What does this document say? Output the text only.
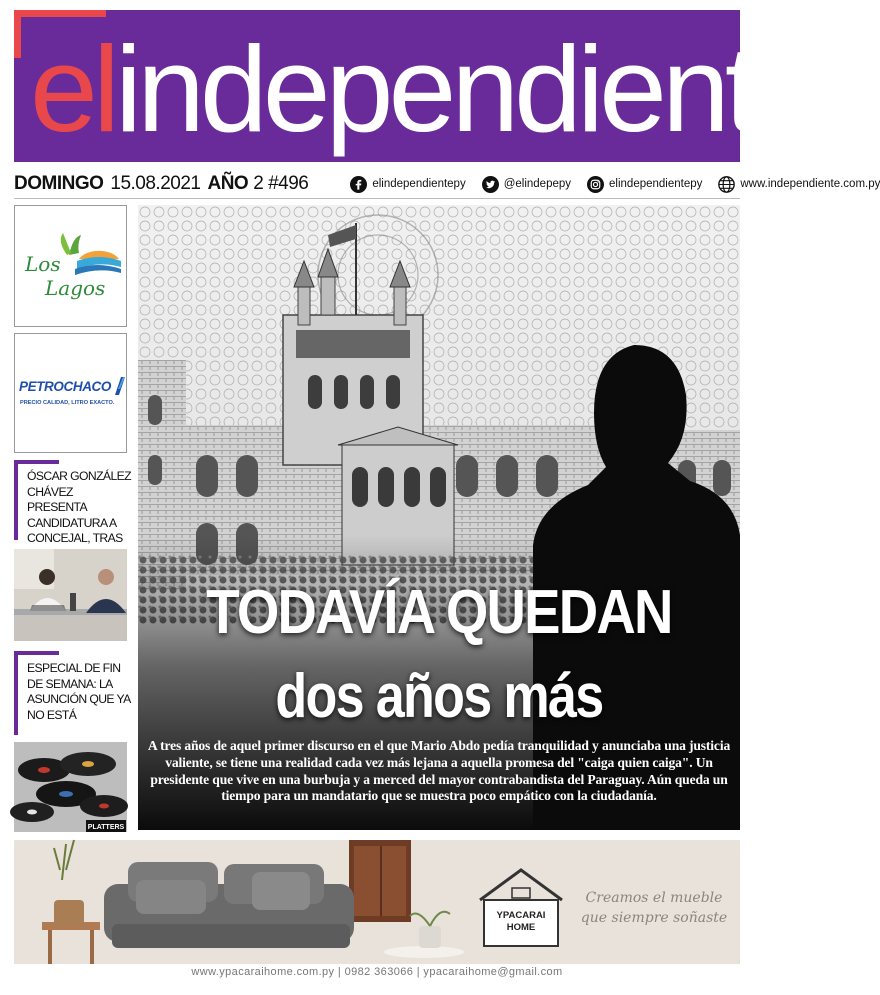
elindependiente
DOMINGO 15.08.2021 AÑO 2 #496	elindependientepy	@elindepepy	elindependientepy	www.independiente.com.py
Los
Lagos
PETROCHACO
PRECIO CALIDAD, LITRO EXACTO.
ÓSCAR GONZÁLEZ CHÁVEZ PRESENTA CANDIDATURA A CONCEJAL, TRAS
ESPECIAL DE FIN DE SEMANA: LA ASUNCIÓN QUE YA NO ESTÁ
PLATTERS
TODAVÍA QUEDAN
dos años más
A tres años de aquel primer discurso en el que Mario Abdo pedía tranquilidad y anunciaba una justicia valiente, se tiene una realidad cada vez más lejana a aquella promesa del "caiga quien caiga". Un presidente que vive en una burbuja y a merced del mayor contrabandista del Paraguay. Aún queda un tiempo para un mandatario que se muestra poco empático con la ciudadanía.
YPACARAI
HOME
Creamos el mueble
que siempre soñaste
www.ypacaraihome.com.py | 0982 363066 | ypacaraihome@gmail.com
